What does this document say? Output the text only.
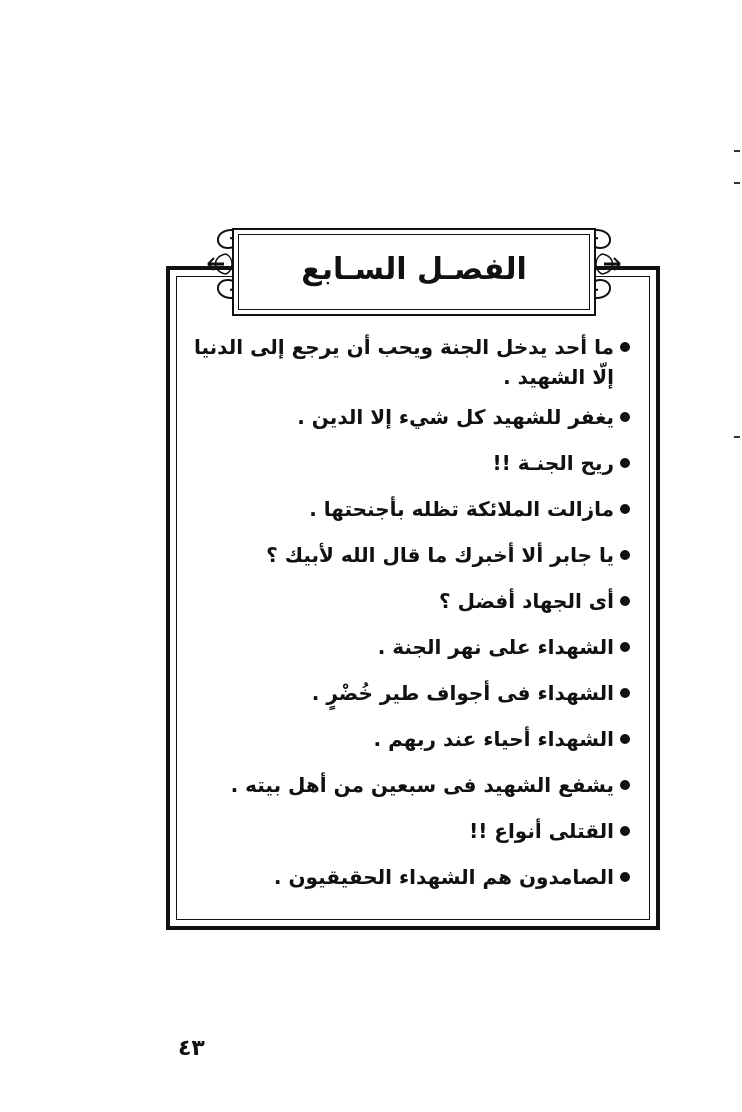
الفصـل السـابع
ما أحد يدخل الجنة ويحب أن يرجع إلى الدنيا إلّا الشهيد .
يغفر للشهيد كل شيء إلا الدين .
ريح الجنـة !!
مازالت الملائكة تظله بأجنحتها .
يا جابر ألا أخبرك ما قال الله لأبيك ؟
أى الجهاد أفضل ؟
الشهداء على نهر الجنة .
الشهداء فى أجواف طير خُضْرٍ .
الشهداء أحياء عند ربهم .
يشفع الشهيد فى سبعين من أهل بيته .
القتلى أنواع !!
الصامدون هم الشهداء الحقيقيون .
٤٣
